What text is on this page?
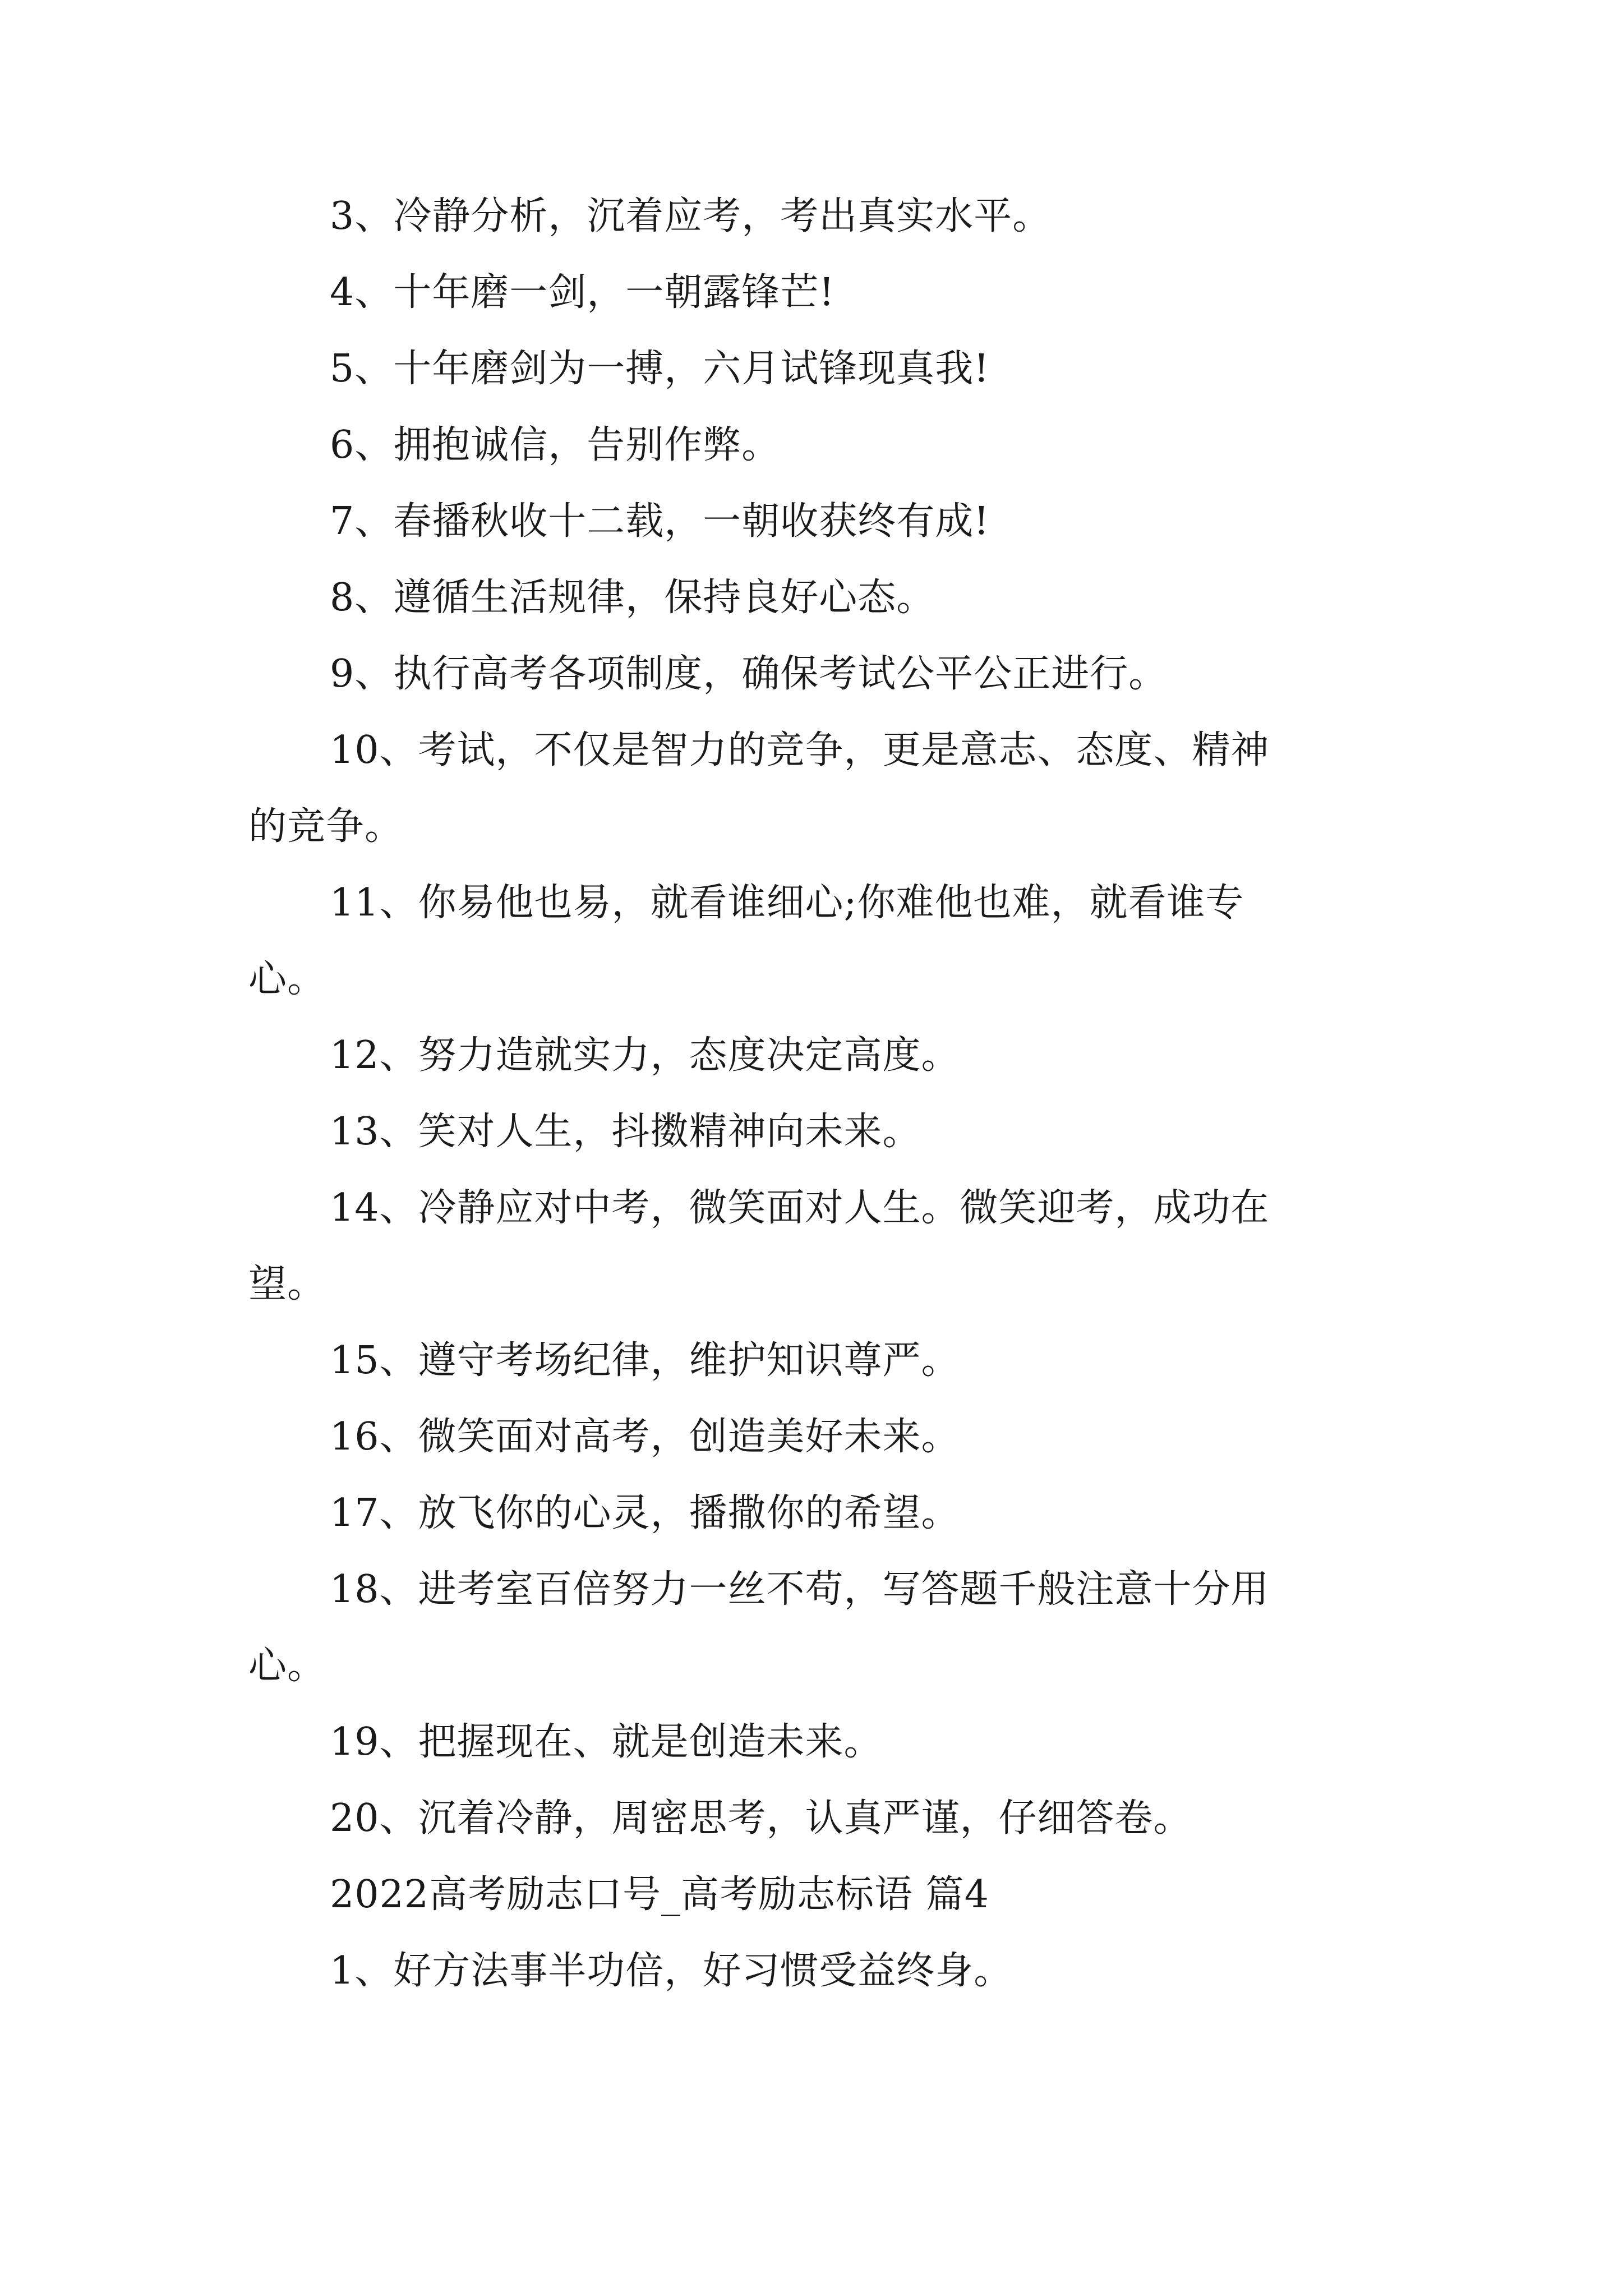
3、冷静分析，沉着应考，考出真实水平。
4、十年磨一剑，一朝露锋芒!
5、十年磨剑为一搏，六月试锋现真我!
6、拥抱诚信，告别作弊。
7、春播秋收十二载，一朝收获终有成!
8、遵循生活规律，保持良好心态。
9、执行高考各项制度，确保考试公平公正进行。
10、考试，不仅是智力的竞争，更是意志、态度、精神
的竞争。
11、你易他也易，就看谁细心;你难他也难，就看谁专
心。
12、努力造就实力，态度决定高度。
13、笑对人生，抖擞精神向未来。
14、冷静应对中考，微笑面对人生。微笑迎考，成功在
望。
15、遵守考场纪律，维护知识尊严。
16、微笑面对高考，创造美好未来。
17、放飞你的心灵，播撒你的希望。
18、进考室百倍努力一丝不苟，写答题千般注意十分用
心。
19、把握现在、就是创造未来。
20、沉着冷静，周密思考，认真严谨，仔细答卷。
2022高考励志口号_高考励志标语 篇4
1、好方法事半功倍，好习惯受益终身。
